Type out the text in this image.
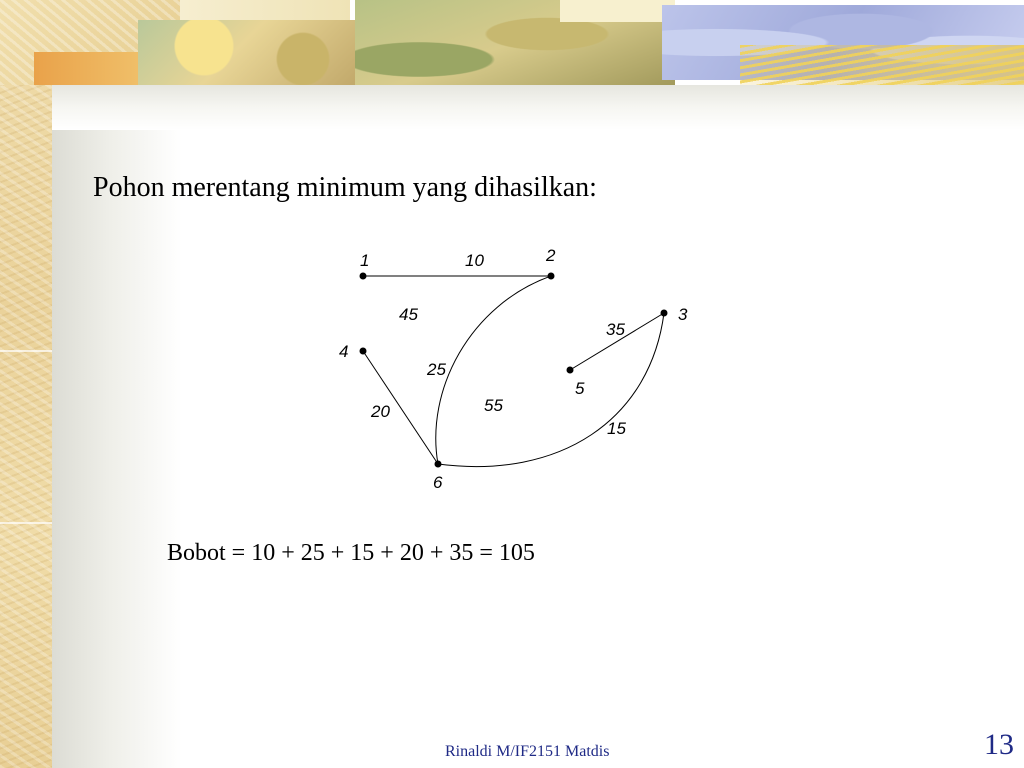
Pohon merentang minimum yang dihasilkan:
1	2
3
4
5
6
10
25
15
20
35
45
55
Bobot = 10 + 25 + 15 + 20 + 35 = 105
Rinaldi M/IF2151 Matdis	13
